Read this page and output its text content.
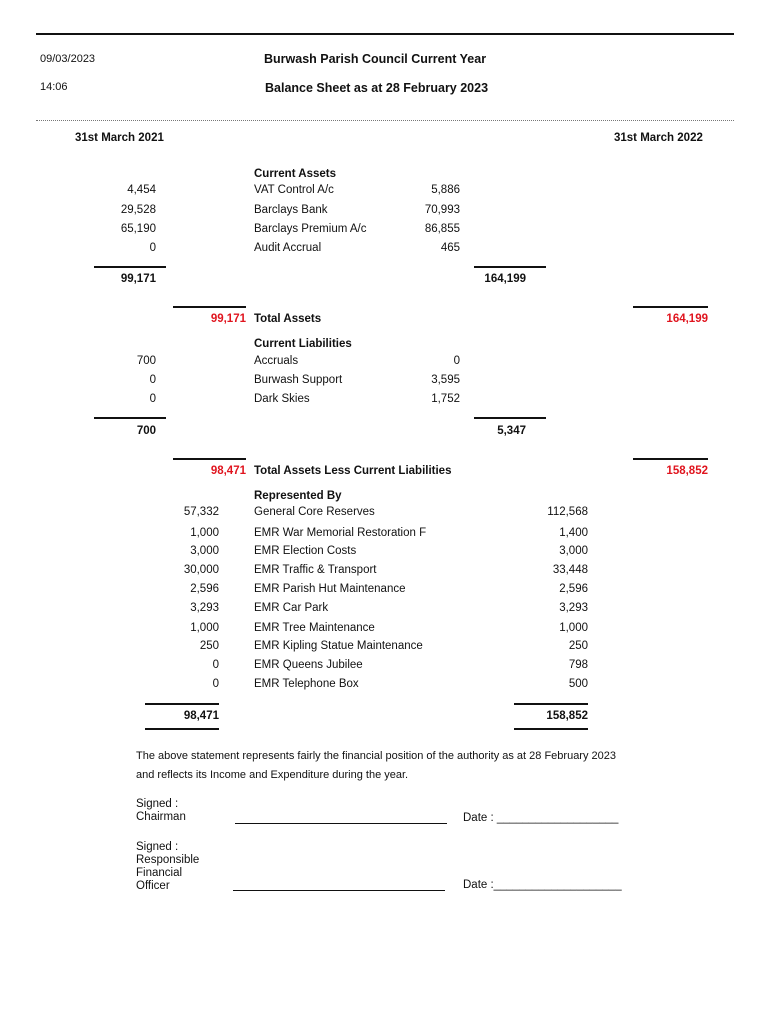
09/03/2023
14:06
Burwash Parish Council Current Year
Balance Sheet as at 28 February 2023
31st March 2021	31st March 2022
Current Assets
4,454	VAT Control A/c	5,886
29,528	Barclays Bank	70,993
65,190	Barclays Premium A/c	86,855
0	Audit Accrual	465
99,171	164,199
99,171 Total Assets	164,199
Current Liabilities
700	Accruals	0
0	Burwash Support	3,595
0	Dark Skies	1,752
700	5,347
98,471 Total Assets Less Current Liabilities	158,852
Represented By
57,332	General Core Reserves	112,568
1,000	EMR War Memorial Restoration F	1,400
3,000	EMR Election Costs	3,000
30,000	EMR Traffic & Transport	33,448
2,596	EMR Parish Hut Maintenance	2,596
3,293	EMR Car Park	3,293
1,000	EMR Tree Maintenance	1,000
250	EMR Kipling Statue Maintenance	250
0	EMR Queens Jubilee	798
0	EMR Telephone Box	500
98,471	158,852
The above statement represents fairly the financial position of the authority as at 28 February 2023
and reflects its Income and Expenditure during the year.
Signed :
Chairman	Date : ___________________
Signed :
Responsible
Financial
Officer	Date :____________________
